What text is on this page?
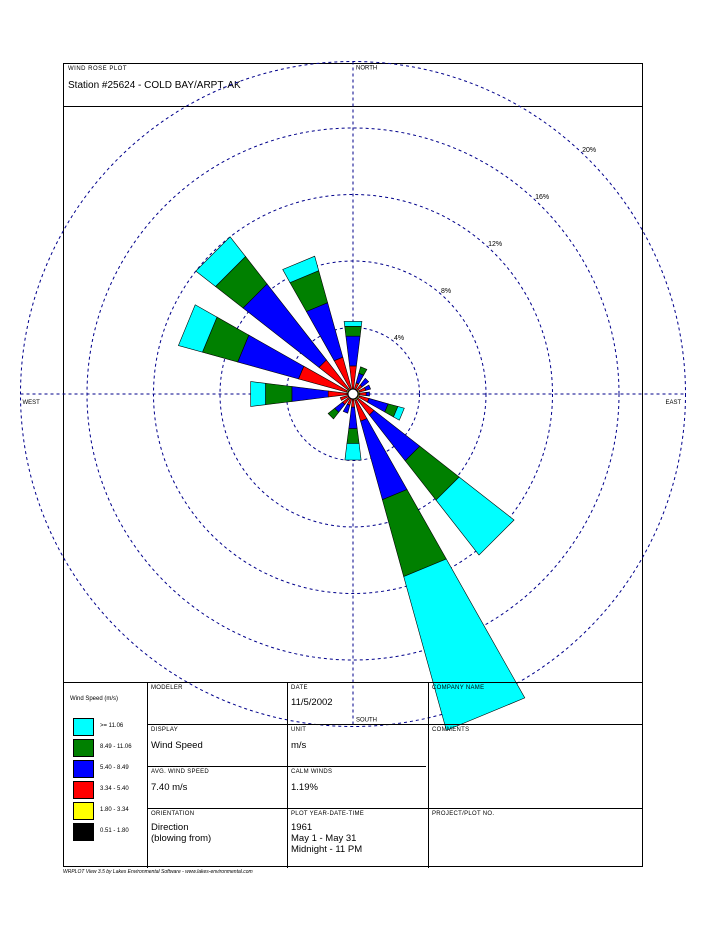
WIND ROSE PLOT
Station #25624 - COLD BAY/ARPT, AK
4%
8%
12%
16%
20%
NORTH
SOUTH
EAST
WEST
Wind Speed (m/s)
>= 11.06
8.49 - 11.06
5.40 - 8.49
3.34 - 5.40
1.80 - 3.34
0.51 - 1.80
MODELER	DATE
11/5/2002
COMPANY NAME
DISPLAY
Wind Speed
UNIT
m/s
COMMENTS
AVG. WIND SPEED
7.40 m/s
CALM WINDS
1.19%
ORIENTATION
Direction
(blowing from)
PLOT YEAR-DATE-TIME
1961
May 1 - May 31
Midnight - 11 PM
PROJECT/PLOT NO.
WRPLOT View 3.5 by Lakes Environmental Software - www.lakes-environmental.com
